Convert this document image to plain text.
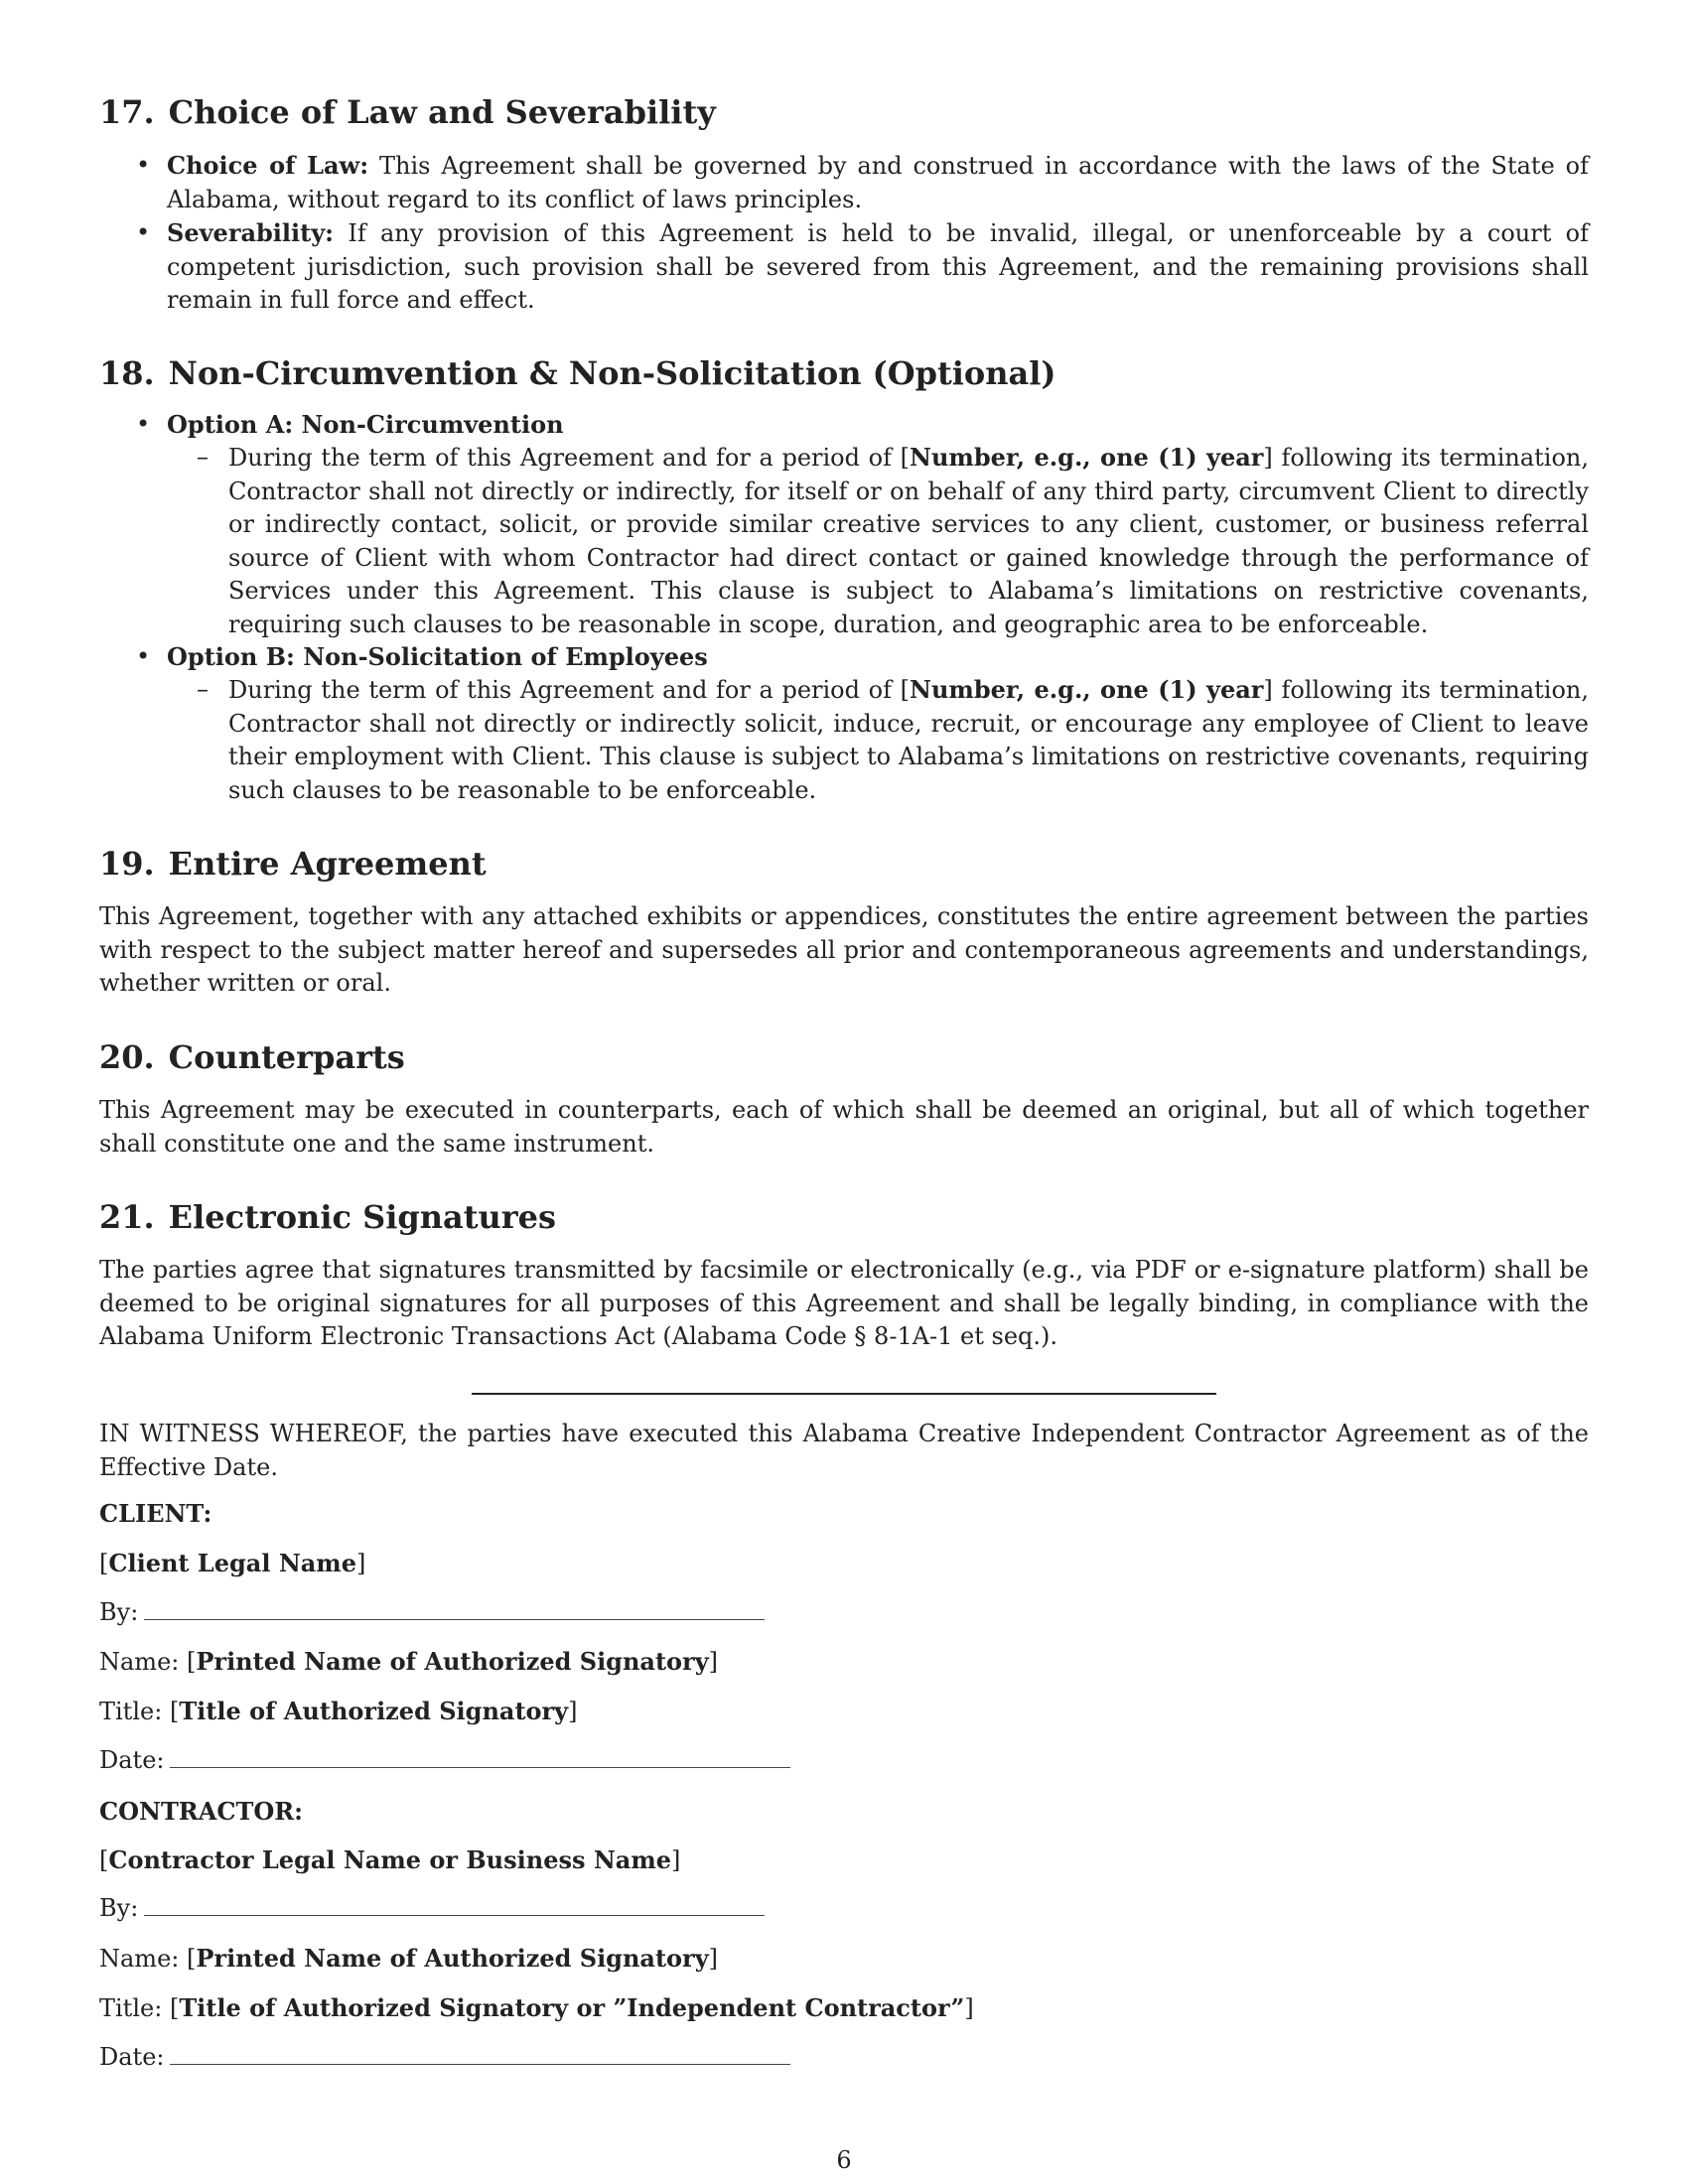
17. Choice of Law and Severability
• Choice of Law: This Agreement shall be governed by and construed in accordance with the laws of the State of Alabama, without regard to its conflict of laws principles.

• Severability: If any provision of this Agreement is held to be invalid, illegal, or unenforceable by a court of competent jurisdiction, such provision shall be severed from this Agreement, and the remaining provisions shall remain in full force and effect.

18. Non-Circumvention & Non-Solicitation (Optional)
• Option A: Non-Circumvention

– During the term of this Agreement and for a period of [Number, e.g., one (1) year] following its termination, Contractor shall not directly or indirectly, for itself or on behalf of any third party, circumvent Client to directly or indirectly contact, solicit, or provide similar creative services to any client, customer, or business referral source of Client with whom Contractor had direct contact or gained knowledge through the performance of Services under this Agreement. This clause is subject to Alabama’s limitations on restrictive covenants, requiring such clauses to be reasonable in scope, duration, and geographic area to be enforceable.

• Option B: Non-Solicitation of Employees

– During the term of this Agreement and for a period of [Number, e.g., one (1) year] following its termination, Contractor shall not directly or indirectly solicit, induce, recruit, or encourage any employee of Client to leave their employment with Client. This clause is subject to Alabama’s limitations on restrictive covenants, requiring such clauses to be reasonable to be enforceable.

19. Entire Agreement

This Agreement, together with any attached exhibits or appendices, constitutes the entire agreement between the parties with respect to the subject matter hereof and supersedes all prior and contemporaneous agreements and understandings, whether written or oral.

20. Counterparts

This Agreement may be executed in counterparts, each of which shall be deemed an original, but all of which together shall constitute one and the same instrument.

21. Electronic Signatures

The parties agree that signatures transmitted by facsimile or electronically (e.g., via PDF or e-signature platform) shall be deemed to be original signatures for all purposes of this Agreement and shall be legally binding, in compliance with the Alabama Uniform Electronic Transactions Act (Alabama Code § 8-1A-1 et seq.).

IN WITNESS WHEREOF, the parties have executed this Alabama Creative Independent Contractor Agreement as of the Effective Date.

CLIENT:

[Client Legal Name]

By:

Name: [Printed Name of Authorized Signatory]

Title: [Title of Authorized Signatory]

Date:

CONTRACTOR:

[Contractor Legal Name or Business Name]

By:

Name: [Printed Name of Authorized Signatory]

Title: [Title of Authorized Signatory or ”Independent Contractor”]

Date:

6
